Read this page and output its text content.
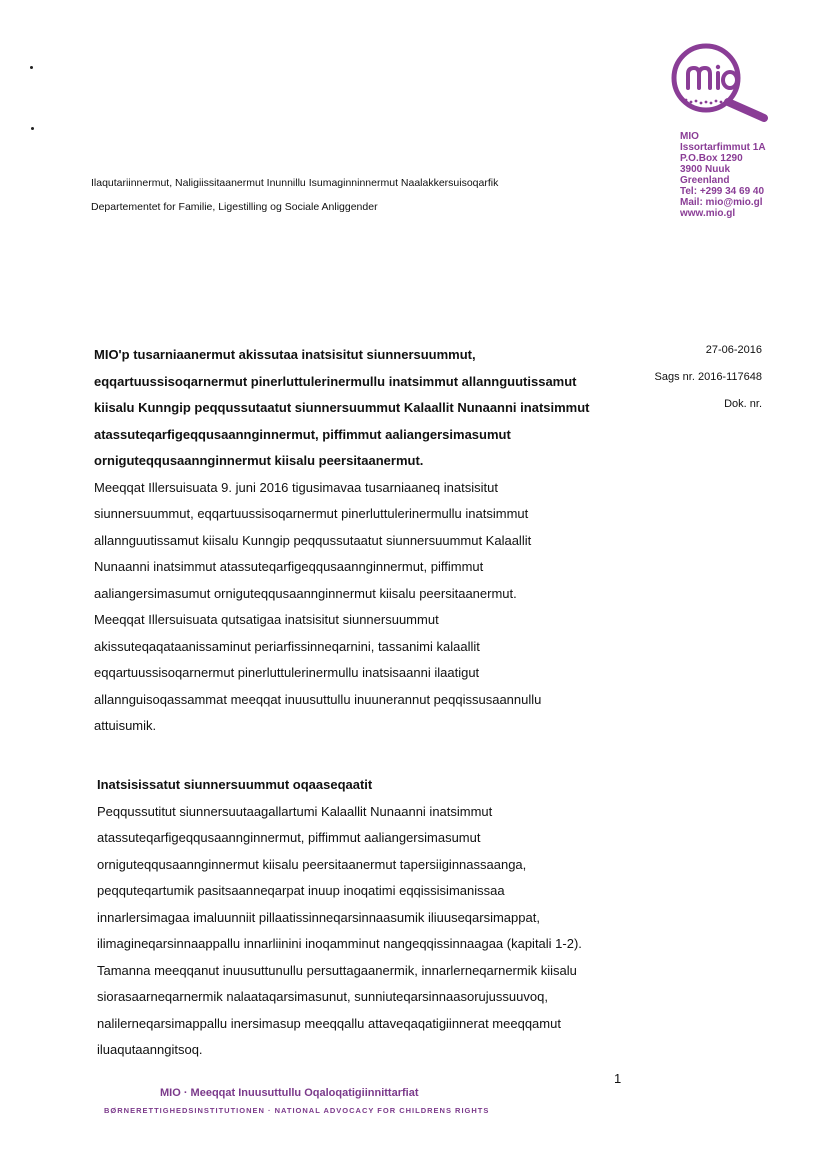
MIO

Issortarfimmut 1A

P.O.Box 1290

3900 Nuuk

Greenland

Tel: +299 34 69 40

Mail: mio@mio.gl

www.mio.gl

Ilaqutariinnermut, Naligiissitaanermut Inunnillu Isumaginninnermut Naalakkersuisoqarfik
Departementet for Familie, Ligestilling og Sociale Anliggender
27-06-2016
Sags nr. 2016-117648
Dok. nr.
MIO'p tusarniaanermut akissutaa inatsisitut siunnersuummut,
eqqartuussisoqarnermut pinerluttulerinermullu inatsimmut allannguutissamut
kiisalu Kunngip peqqussutaatut siunnersuummut Kalaallit Nunaanni inatsimmut
atassuteqarfigeqqusaannginnermut, piffimmut aaliangersimasumut
orniguteqqusaannginnermut kiisalu peersitaanermut.
Meeqqat Illersuisuata 9. juni 2016 tigusimavaa tusarniaaneq inatsisitut
siunnersuummut, eqqartuussisoqarnermut pinerluttulerinermullu inatsimmut
allannguutissamut kiisalu Kunngip peqqussutaatut siunnersuummut Kalaallit
Nunaanni inatsimmut atassuteqarfigeqqusaannginnermut, piffimmut
aaliangersimasumut orniguteqqusaannginnermut kiisalu peersitaanermut.
Meeqqat Illersuisuata qutsatigaa inatsisitut siunnersuummut
akissuteqaqataanissaminut periarfissinneqarnini, tassanimi kalaallit
eqqartuussisoqarnermut pinerluttulerinermullu inatsisaanni ilaatigut
allannguisoqassammat meeqqat inuusuttullu inuunerannut peqqissusaannullu
attuisumik.
Inatsisissatut siunnersuummut oqaaseqaatit
Peqqussutitut siunnersuutaagallartumi Kalaallit Nunaanni inatsimmut
atassuteqarfigeqqusaannginnermut, piffimmut aaliangersimasumut
orniguteqqusaannginnermut kiisalu peersitaanermut tapersiiginnassaanga,
peqquteqartumik pasitsaanneqarpat inuup inoqatimi eqqissisimanissaa
innarlersimagaa imaluunniit pillaatissinneqarsinnaasumik iliuuseqarsimappat,
ilimagineqarsinnaappallu innarliinini inoqamminut nangeqqissinnaagaa (kapitali 1-2).
Tamanna meeqqanut inuusuttunullu persuttagaanermik, innarlerneqarnermik kiisalu
siorasaarneqarnermik nalaataqarsimasunut, sunniuteqarsinnaasorujussuuvoq,
nalilerneqarsimappallu inersimasup meeqqallu attaveqaqatigiinnerat meeqqamut
iluaqutaanngitsoq.
1
MIO · Meeqqat Inuusuttullu Oqaloqatigiinnittarfiat
BØRNERETTIGHEDSINSTITUTIONEN · NATIONAL ADVOCACY FOR CHILDRENS RIGHTS
